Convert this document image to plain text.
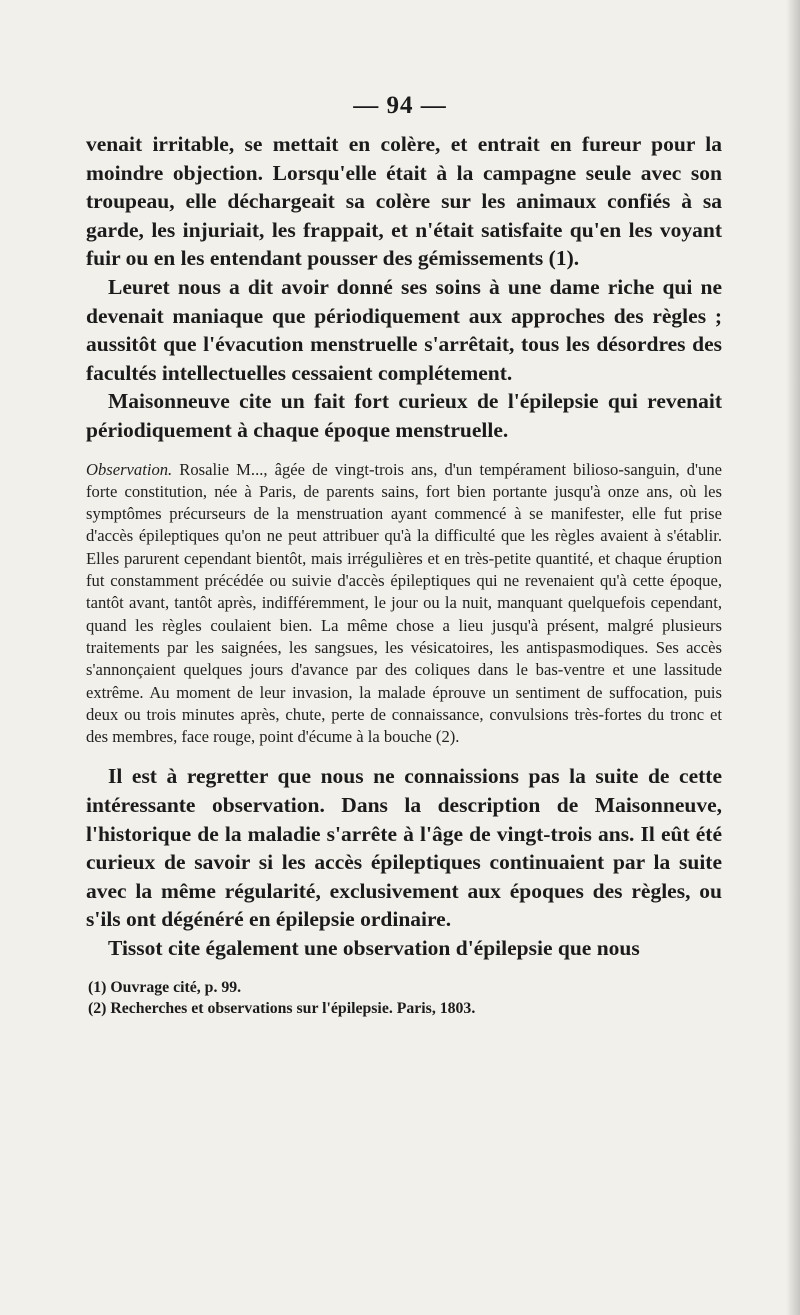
— 94 —

venait irritable, se mettait en colère, et entrait en fureur pour la moindre objection. Lorsqu'elle était à la campagne seule avec son troupeau, elle déchargeait sa colère sur les animaux confiés à sa garde, les injuriait, les frappait, et n'était satisfaite qu'en les voyant fuir ou en les entendant pousser des gémissements (1).

Leuret nous a dit avoir donné ses soins à une dame riche qui ne devenait maniaque que périodiquement aux approches des règles ; aussitôt que l'évacution menstruelle s'arrêtait, tous les désordres des facultés intellectuelles cessaient complétement.

Maisonneuve cite un fait fort curieux de l'épilepsie qui revenait périodiquement à chaque époque menstruelle.

Observation. Rosalie M..., âgée de vingt-trois ans, d'un tempérament bilioso-sanguin, d'une forte constitution, née à Paris, de parents sains, fort bien portante jusqu'à onze ans, où les symptômes précurseurs de la menstruation ayant commencé à se manifester, elle fut prise d'accès épileptiques qu'on ne peut attribuer qu'à la difficulté que les règles avaient à s'établir. Elles parurent cependant bientôt, mais irrégulières et en très-petite quantité, et chaque éruption fut constamment précédée ou suivie d'accès épileptiques qui ne revenaient qu'à cette époque, tantôt avant, tantôt après, indifféremment, le jour ou la nuit, manquant quelquefois cependant, quand les règles coulaient bien. La même chose a lieu jusqu'à présent, malgré plusieurs traitements par les saignées, les sangsues, les vésicatoires, les antispasmodiques. Ses accès s'annonçaient quelques jours d'avance par des coliques dans le bas-ventre et une lassitude extrême. Au moment de leur invasion, la malade éprouve un sentiment de suffocation, puis deux ou trois minutes après, chute, perte de connaissance, convulsions très-fortes du tronc et des membres, face rouge, point d'écume à la bouche (2).

Il est à regretter que nous ne connaissions pas la suite de cette intéressante observation. Dans la description de Maisonneuve, l'historique de la maladie s'arrête à l'âge de vingt-trois ans. Il eût été curieux de savoir si les accès épileptiques continuaient par la suite avec la même régularité, exclusivement aux époques des règles, ou s'ils ont dégénéré en épilepsie ordinaire.

Tissot cite également une observation d'épilepsie que nous

(1) Ouvrage cité, p. 99.

(2) Recherches et observations sur l'épilepsie. Paris, 1803.
